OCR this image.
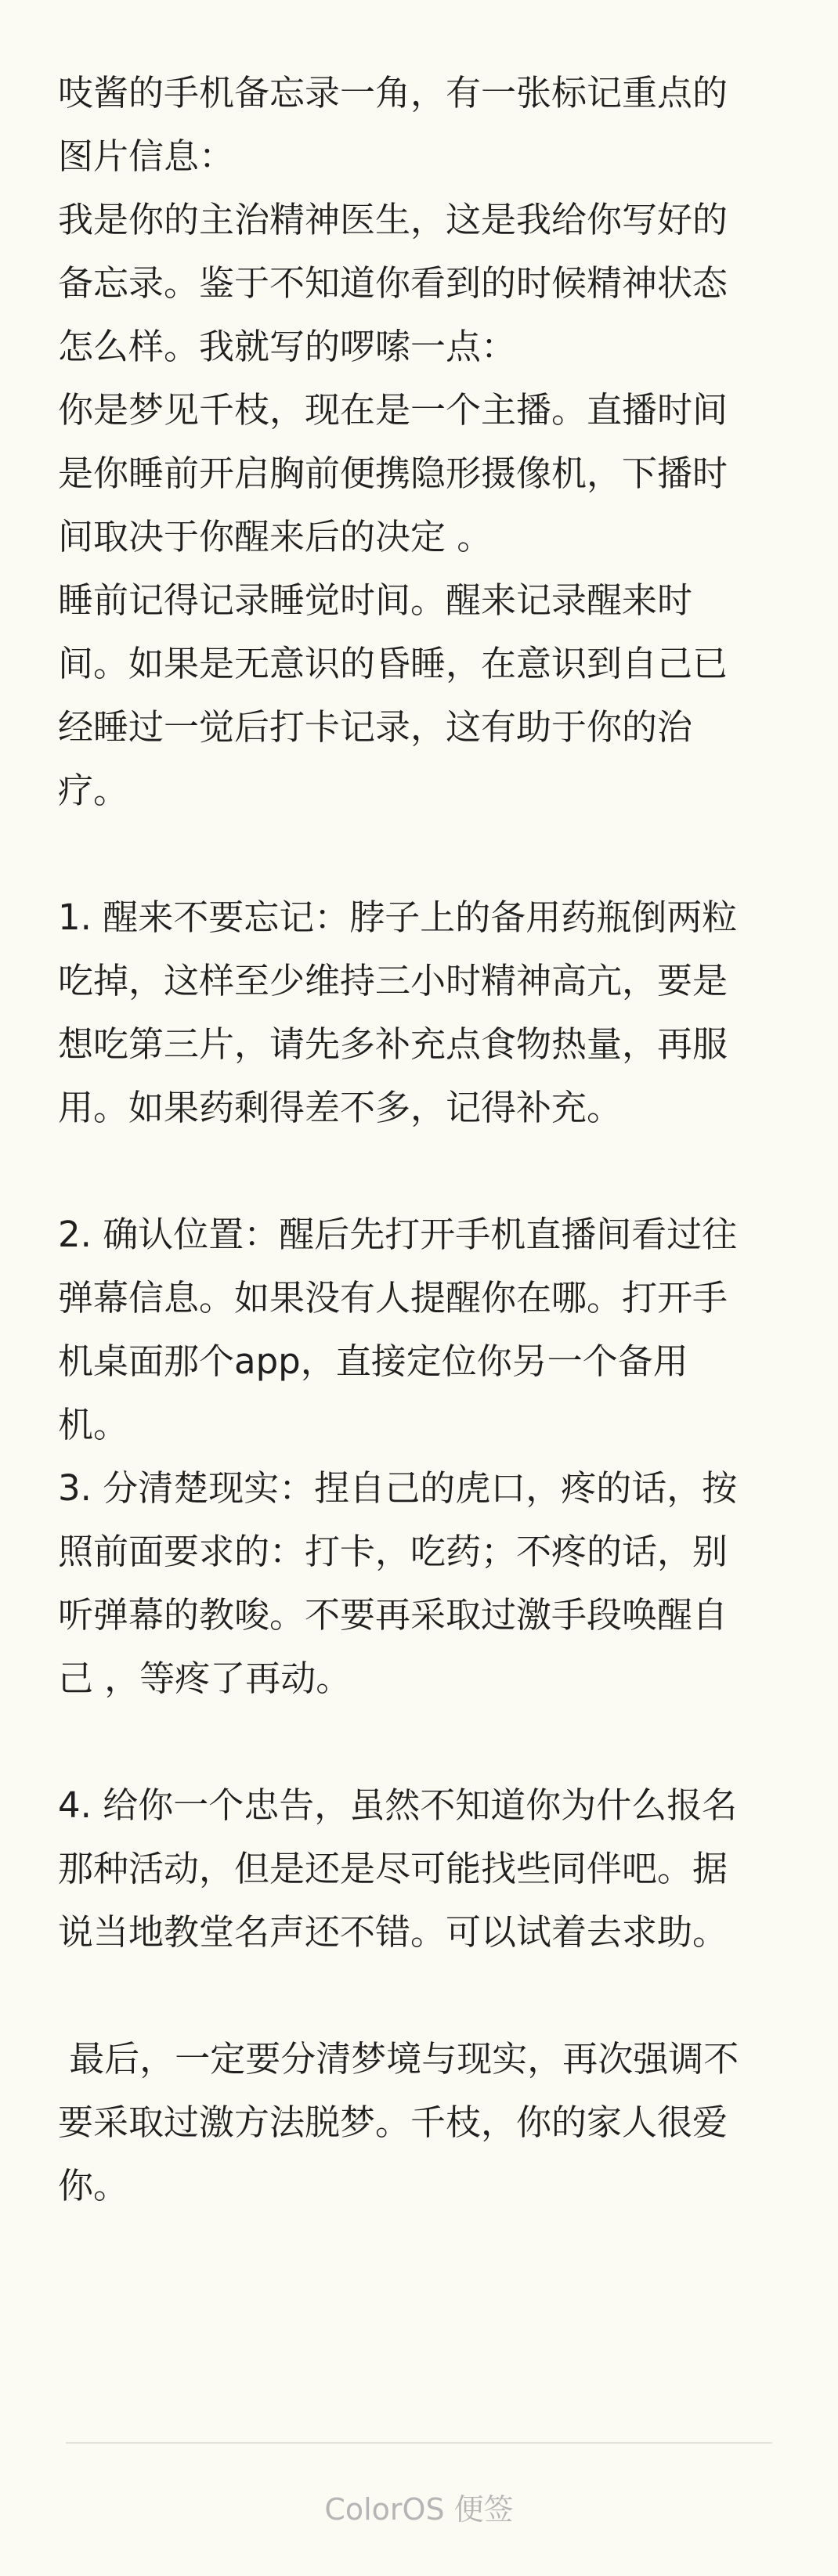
吱酱的手机备忘录一角，有一张标记重点的
图片信息：
我是你的主治精神医生，这是我给你写好的
备忘录。鉴于不知道你看到的时候精神状态
怎么样。我就写的啰嗦一点：
你是梦见千枝，现在是一个主播。直播时间
是你睡前开启胸前便携隐形摄像机，下播时
间取决于你醒来后的决定 。
睡前记得记录睡觉时间。醒来记录醒来时
间。如果是无意识的昏睡，在意识到自己已
经睡过一觉后打卡记录，这有助于你的治
疗。
1. 醒来不要忘记：脖子上的备用药瓶倒两粒
吃掉，这样至少维持三小时精神高亢，要是
想吃第三片，请先多补充点食物热量，再服
用。如果药剩得差不多，记得补充。
2. 确认位置：醒后先打开手机直播间看过往
弹幕信息。如果没有人提醒你在哪。打开手
机桌面那个app，直接定位你另一个备用
机。
3. 分清楚现实：捏自己的虎口，疼的话，按
照前面要求的：打卡，吃药；不疼的话，别
听弹幕的教唆。不要再采取过激手段唤醒自
己 ，等疼了再动。
4. 给你一个忠告，虽然不知道你为什么报名
那种活动，但是还是尽可能找些同伴吧。据
说当地教堂名声还不错。可以试着去求助。
最后，一定要分清梦境与现实，再次强调不
要采取过激方法脱梦。千枝，你的家人很爱
你。
ColorOS 便签
